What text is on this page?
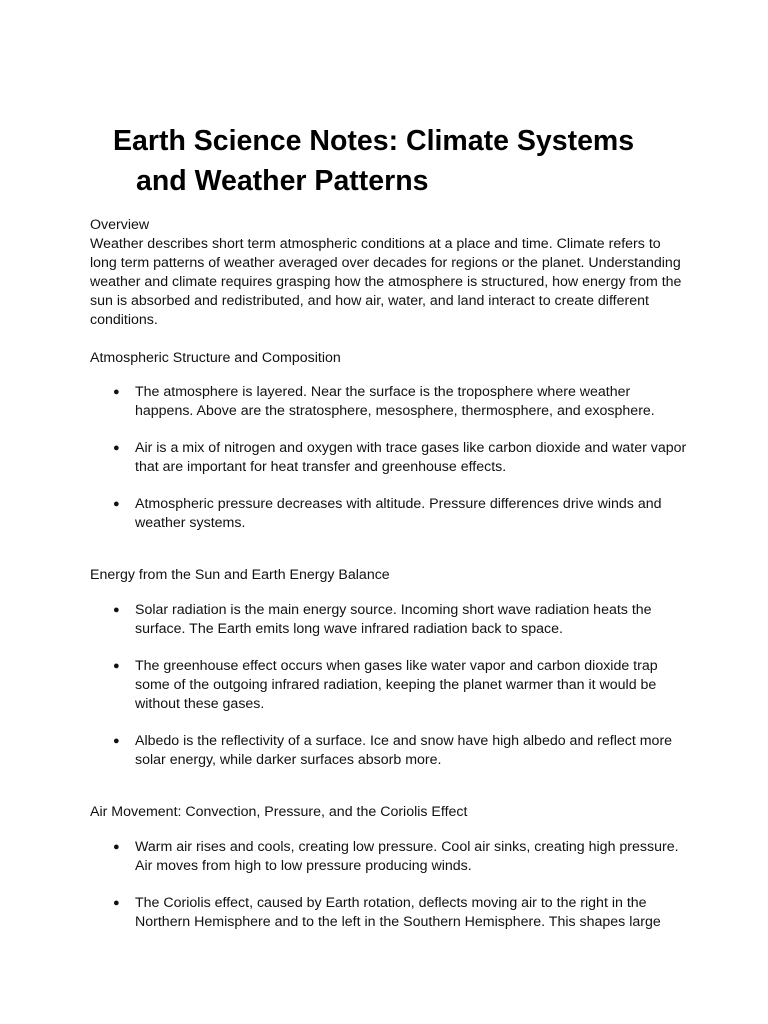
Earth Science Notes: Climate Systems
and Weather Patterns

Overview

Weather describes short term atmospheric conditions at a place and time. Climate refers to long term patterns of weather averaged over decades for regions or the planet. Understanding weather and climate requires grasping how the atmosphere is structured, how energy from the sun is absorbed and redistributed, and how air, water, and land interact to create different conditions.

Atmospheric Structure and Composition

● The atmosphere is layered. Near the surface is the troposphere where weather happens. Above are the stratosphere, mesosphere, thermosphere, and exosphere.
● Air is a mix of nitrogen and oxygen with trace gases like carbon dioxide and water vapor that are important for heat transfer and greenhouse effects.
● Atmospheric pressure decreases with altitude. Pressure differences drive winds and weather systems.

Energy from the Sun and Earth Energy Balance

● Solar radiation is the main energy source. Incoming short wave radiation heats the surface. The Earth emits long wave infrared radiation back to space.
● The greenhouse effect occurs when gases like water vapor and carbon dioxide trap some of the outgoing infrared radiation, keeping the planet warmer than it would be without these gases.
● Albedo is the reflectivity of a surface. Ice and snow have high albedo and reflect more solar energy, while darker surfaces absorb more.

Air Movement: Convection, Pressure, and the Coriolis Effect

● Warm air rises and cools, creating low pressure. Cool air sinks, creating high pressure. Air moves from high to low pressure producing winds.
● The Coriolis effect, caused by Earth rotation, deflects moving air to the right in the Northern Hemisphere and to the left in the Southern Hemisphere. This shapes large
